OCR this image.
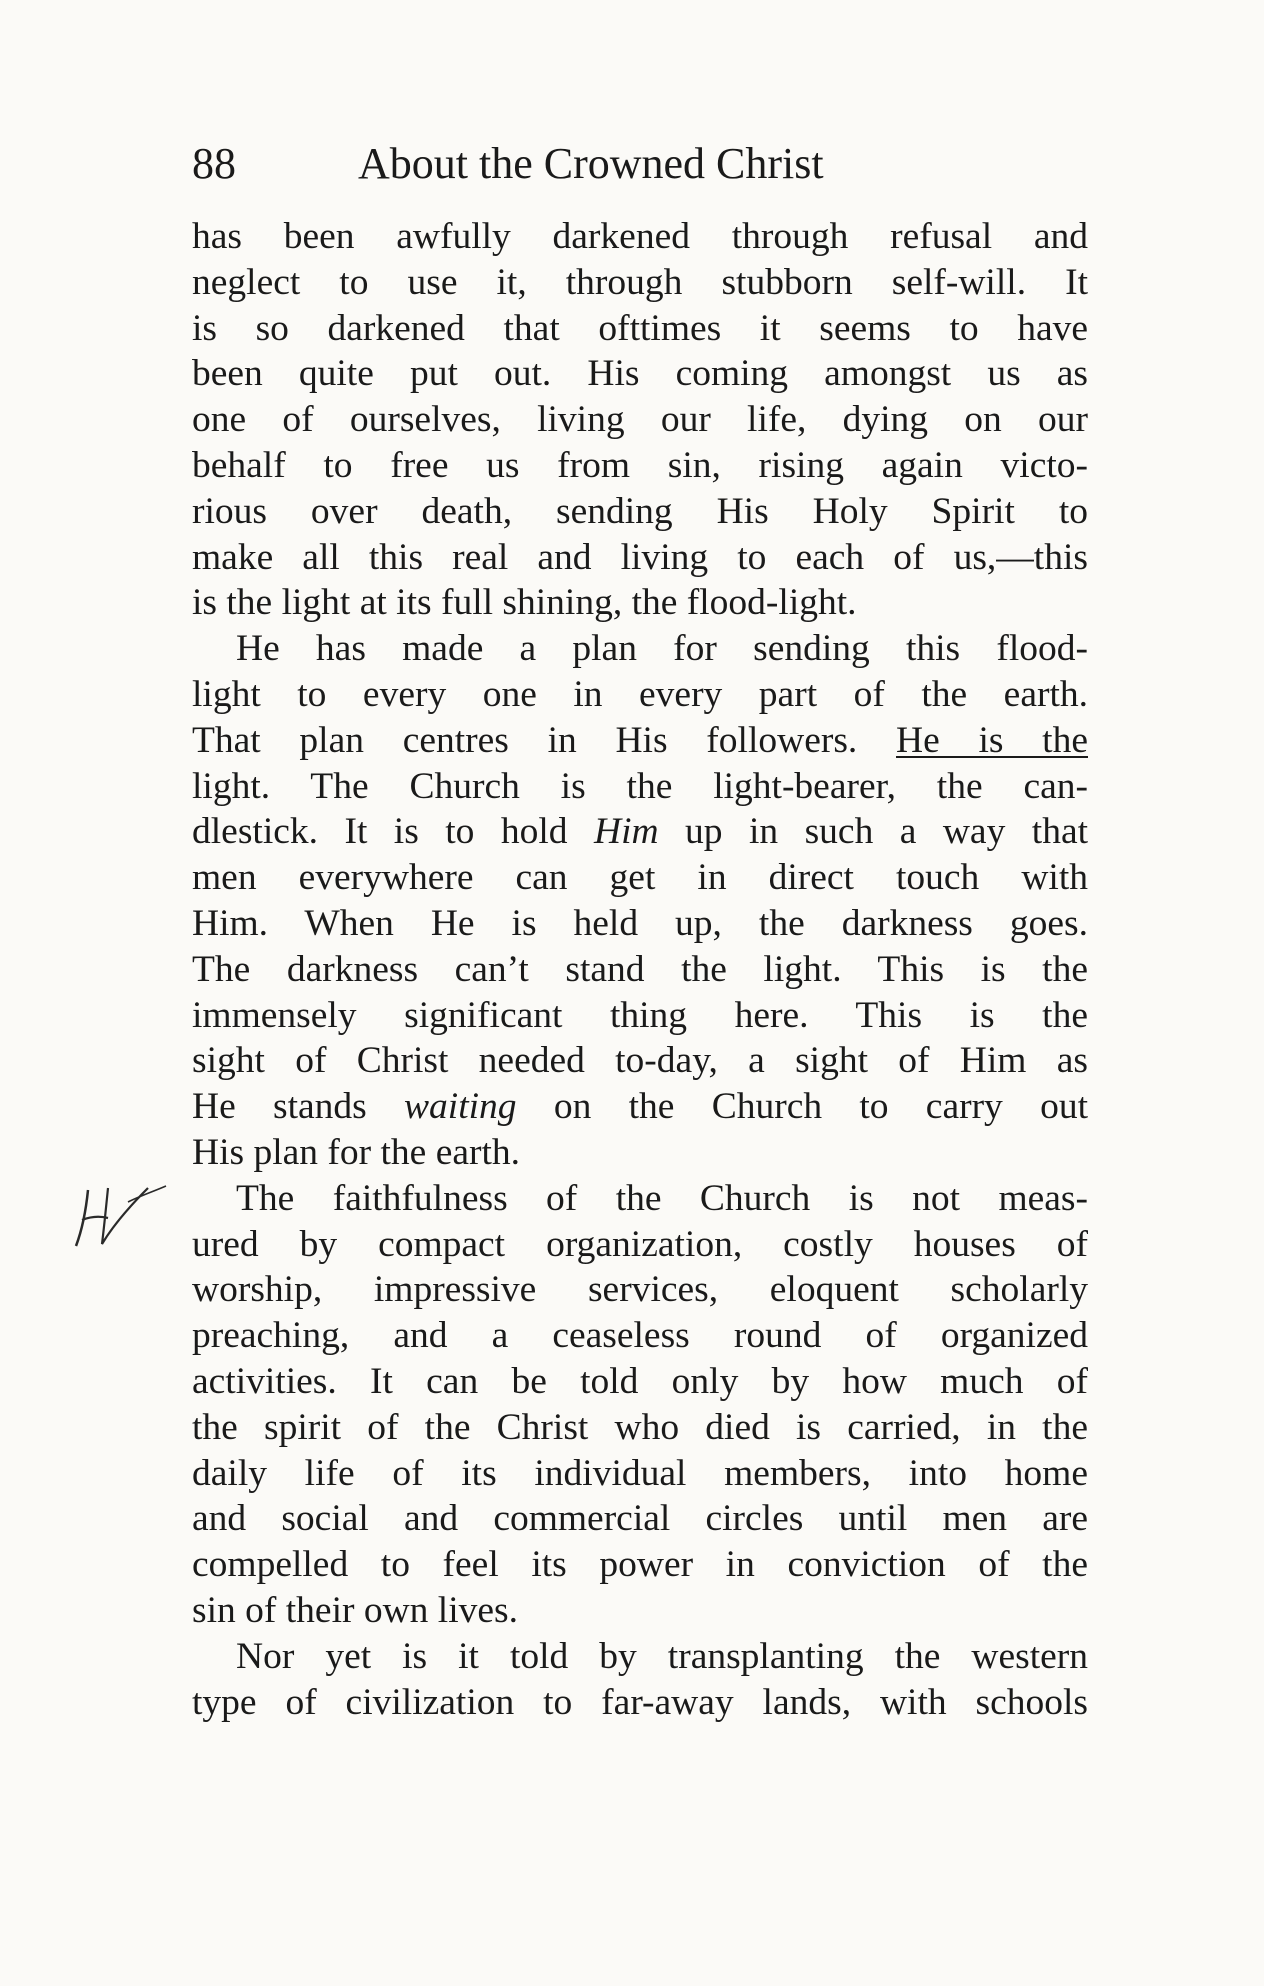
88	About the Crowned Christ
has been awfully darkened through refusal and
neglect to use it, through stubborn self-will. It
is so darkened that ofttimes it seems to have
been quite put out. His coming amongst us as
one of ourselves, living our life, dying on our
behalf to free us from sin, rising again victo-
rious over death, sending His Holy Spirit to
make all this real and living to each of us,—this
is the light at its full shining, the flood-light.
He has made a plan for sending this flood-
light to every one in every part of the earth.
That plan centres in His followers. He is the
light. The Church is the light-bearer, the can-
dlestick. It is to hold Him up in such a way that
men everywhere can get in direct touch with
Him. When He is held up, the darkness goes.
The darkness can’t stand the light. This is the
immensely significant thing here. This is the
sight of Christ needed to-day, a sight of Him as
He stands waiting on the Church to carry out
His plan for the earth.
The faithfulness of the Church is not meas-
ured by compact organization, costly houses of
worship, impressive services, eloquent scholarly
preaching, and a ceaseless round of organized
activities. It can be told only by how much of
the spirit of the Christ who died is carried, in the
daily life of its individual members, into home
and social and commercial circles until men are
compelled to feel its power in conviction of the
sin of their own lives.
Nor yet is it told by transplanting the western
type of civilization to far-away lands, with schools
